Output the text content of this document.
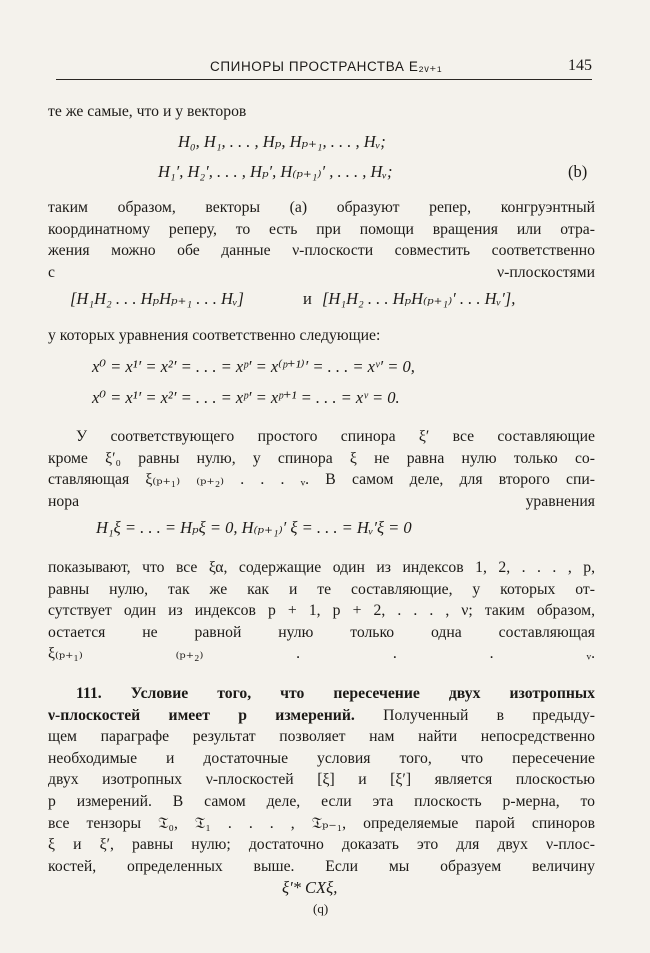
СПИНОРЫ ПРОСТРАНСТВА E₂ᵥ₊₁	145
те же самые, что и у векторов
H₀, H₁, . . . , Hₚ, Hₚ₊₁, . . . , Hᵥ;
H₁′, H₂′, . . . , Hₚ′, H₍ₚ₊₁₎′ , . . . , Hᵥ;	(b)
таким образом, векторы (a) образуют репер, конгруэнтный
координатному реперу, то есть при помощи вращения или отра-
жения можно обе данные ν-плоскости совместить соответственно
с ν-плоскостями
[H₁H₂ . . . HₚHₚ₊₁ . . . Hᵥ]	и [H₁H₂ . . . HₚH₍ₚ₊₁₎′ . . . Hᵥ′],
у которых уравнения соответственно следующие:
x⁰ = x¹′ = x²′ = . . . = xᵖ′ = x⁽ᵖ⁺¹⁾′ = . . . = xᵛ′ = 0,
x⁰ = x¹′ = x²′ = . . . = xᵖ′ = xᵖ⁺¹ = . . . = xᵛ = 0.
У соответствующего простого спинора ξ′ все составляющие
кроме ξ′₀ равны нулю, у спинора ξ не равна нулю только со-
ставляющая ξ₍ₚ₊₁₎ ₍ₚ₊₂₎ . . . ᵥ. В самом деле, для второго спи-
нора уравнения
H₁ξ = . . . = Hₚξ = 0, H₍ₚ₊₁₎′ ξ = . . . = Hᵥ′ξ = 0
показывают, что все ξα, содержащие один из индексов 1, 2, . . . , p,
равны нулю, так же как и те составляющие, у которых от-
сутствует один из индексов p + 1, p + 2, . . . , ν; таким образом,
остается не равной нулю только одна составляющая
ξ₍ₚ₊₁₎ ₍ₚ₊₂₎ . . . ᵥ.
111. Условие того, что пересечение двух изотропных
ν-плоскостей имеет p измерений. Полученный в предыду-
щем параграфе результат позволяет нам найти непосредственно
необходимые и достаточные условия того, что пересечение
двух изотропных ν-плоскостей [ξ] и [ξ′] является плоскостью
p измерений. В самом деле, если эта плоскость p-мерна, то
все тензоры 𝔗₀, 𝔗₁ . . . , 𝔗ₚ₋₁, определяемые парой спиноров
ξ и ξ′, равны нулю; достаточно доказать это для двух ν-плос-
костей, определенных выше. Если мы образуем величину
ξ′* CXξ,
(q)
